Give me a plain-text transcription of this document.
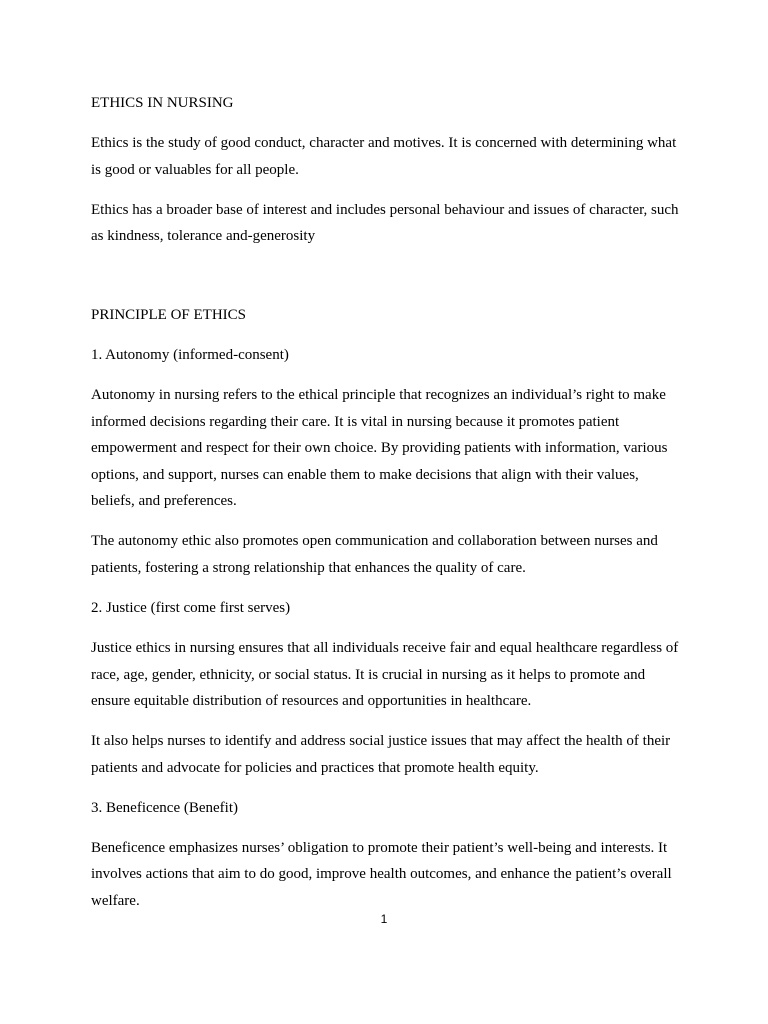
ETHICS IN NURSING

Ethics is the study of good conduct, character and motives. It is concerned with determining what is good or valuables for all people.

Ethics has a broader base of interest and includes personal behaviour and issues of character, such as kindness, tolerance and-generosity

PRINCIPLE OF ETHICS

1. Autonomy (informed-consent)

Autonomy in nursing refers to the ethical principle that recognizes an individual’s right to make informed decisions regarding their care. It is vital in nursing because it promotes patient empowerment and respect for their own choice. By providing patients with information, various options, and support, nurses can enable them to make decisions that align with their values, beliefs, and preferences.

The autonomy ethic also promotes open communication and collaboration between nurses and patients, fostering a strong relationship that enhances the quality of care.

2. Justice (first come first serves)

Justice ethics in nursing ensures that all individuals receive fair and equal healthcare regardless of race, age, gender, ethnicity, or social status. It is crucial in nursing as it helps to promote and ensure equitable distribution of resources and opportunities in healthcare.

It also helps nurses to identify and address social justice issues that may affect the health of their patients and advocate for policies and practices that promote health equity.

3. Beneficence (Benefit)

Beneficence emphasizes nurses’ obligation to promote their patient’s well-being and interests. It involves actions that aim to do good, improve health outcomes, and enhance the patient’s overall welfare.

1
